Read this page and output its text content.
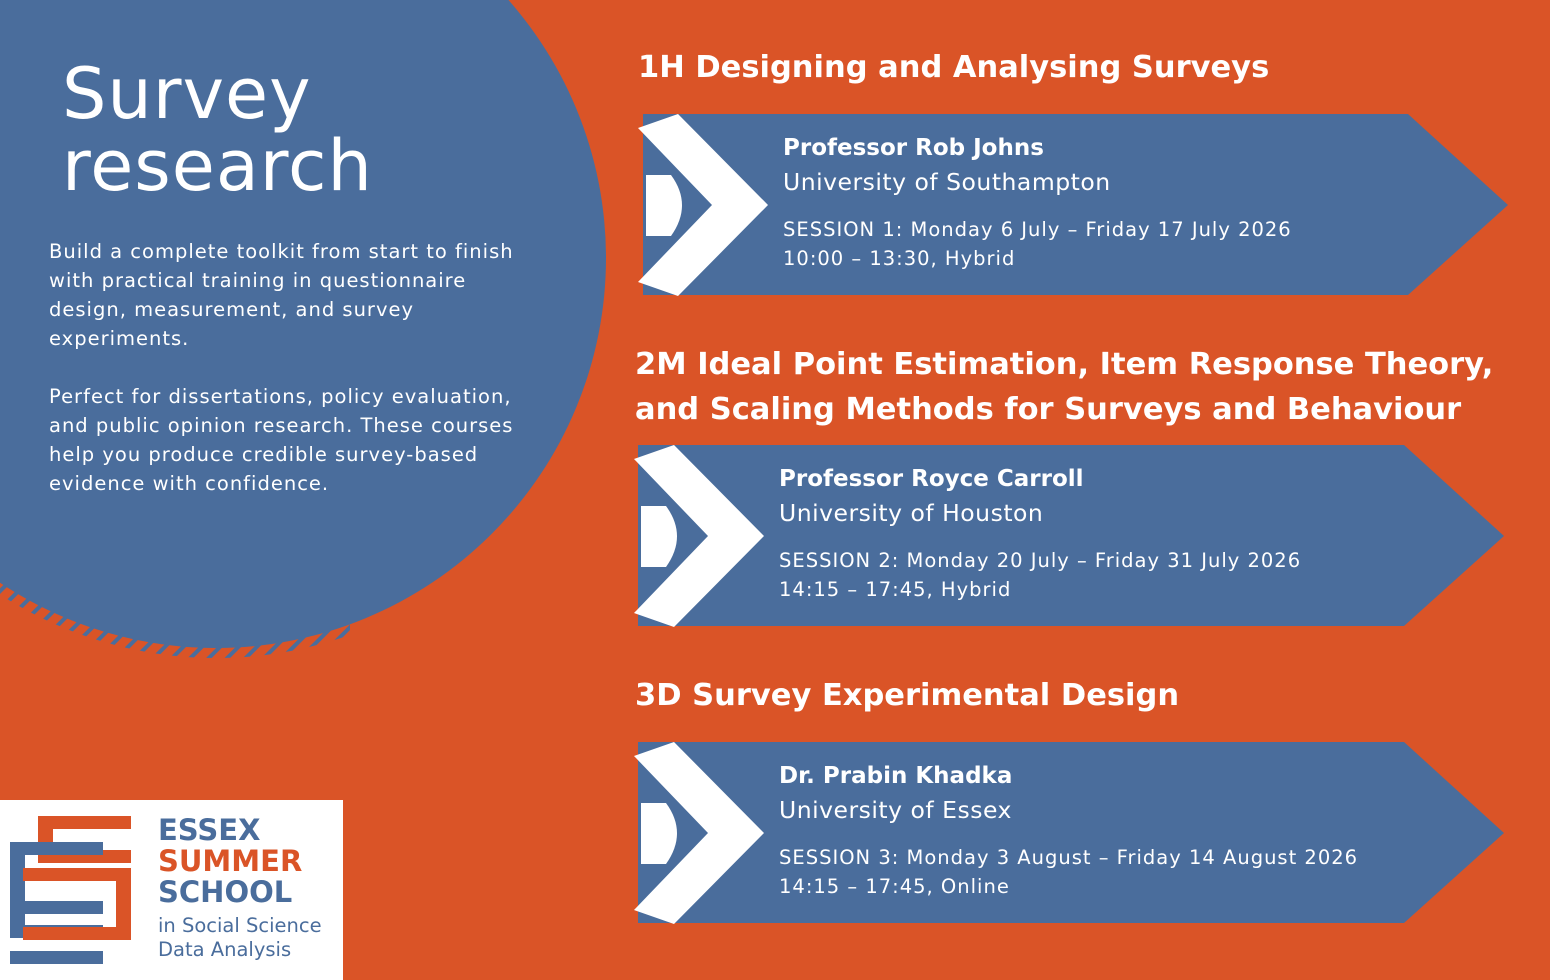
Survey
research

Build a complete toolkit from start to finish with practical training in questionnaire design, measurement, and survey experiments.

Perfect for dissertations, policy evaluation, and public opinion research. These courses help you produce credible survey-based evidence with confidence.

1H Designing and Analysing Surveys
2M Ideal Point Estimation, Item Response Theory,
and Scaling Methods for Surveys and Behaviour
3D Survey Experimental Design
Professor Rob Johns
University of Southampton
SESSION 1: Monday 6 July – Friday 17 July 2026
10:00 – 13:30, Hybrid
Professor Royce Carroll
University of Houston
SESSION 2: Monday 20 July – Friday 31 July 2026
14:15 – 17:45, Hybrid
Dr. Prabin Khadka
University of Essex
SESSION 3: Monday 3 August – Friday 14 August 2026
14:15 – 17:45, Online

ESSEX

SUMMER

SCHOOL

in Social Science

Data Analysis
